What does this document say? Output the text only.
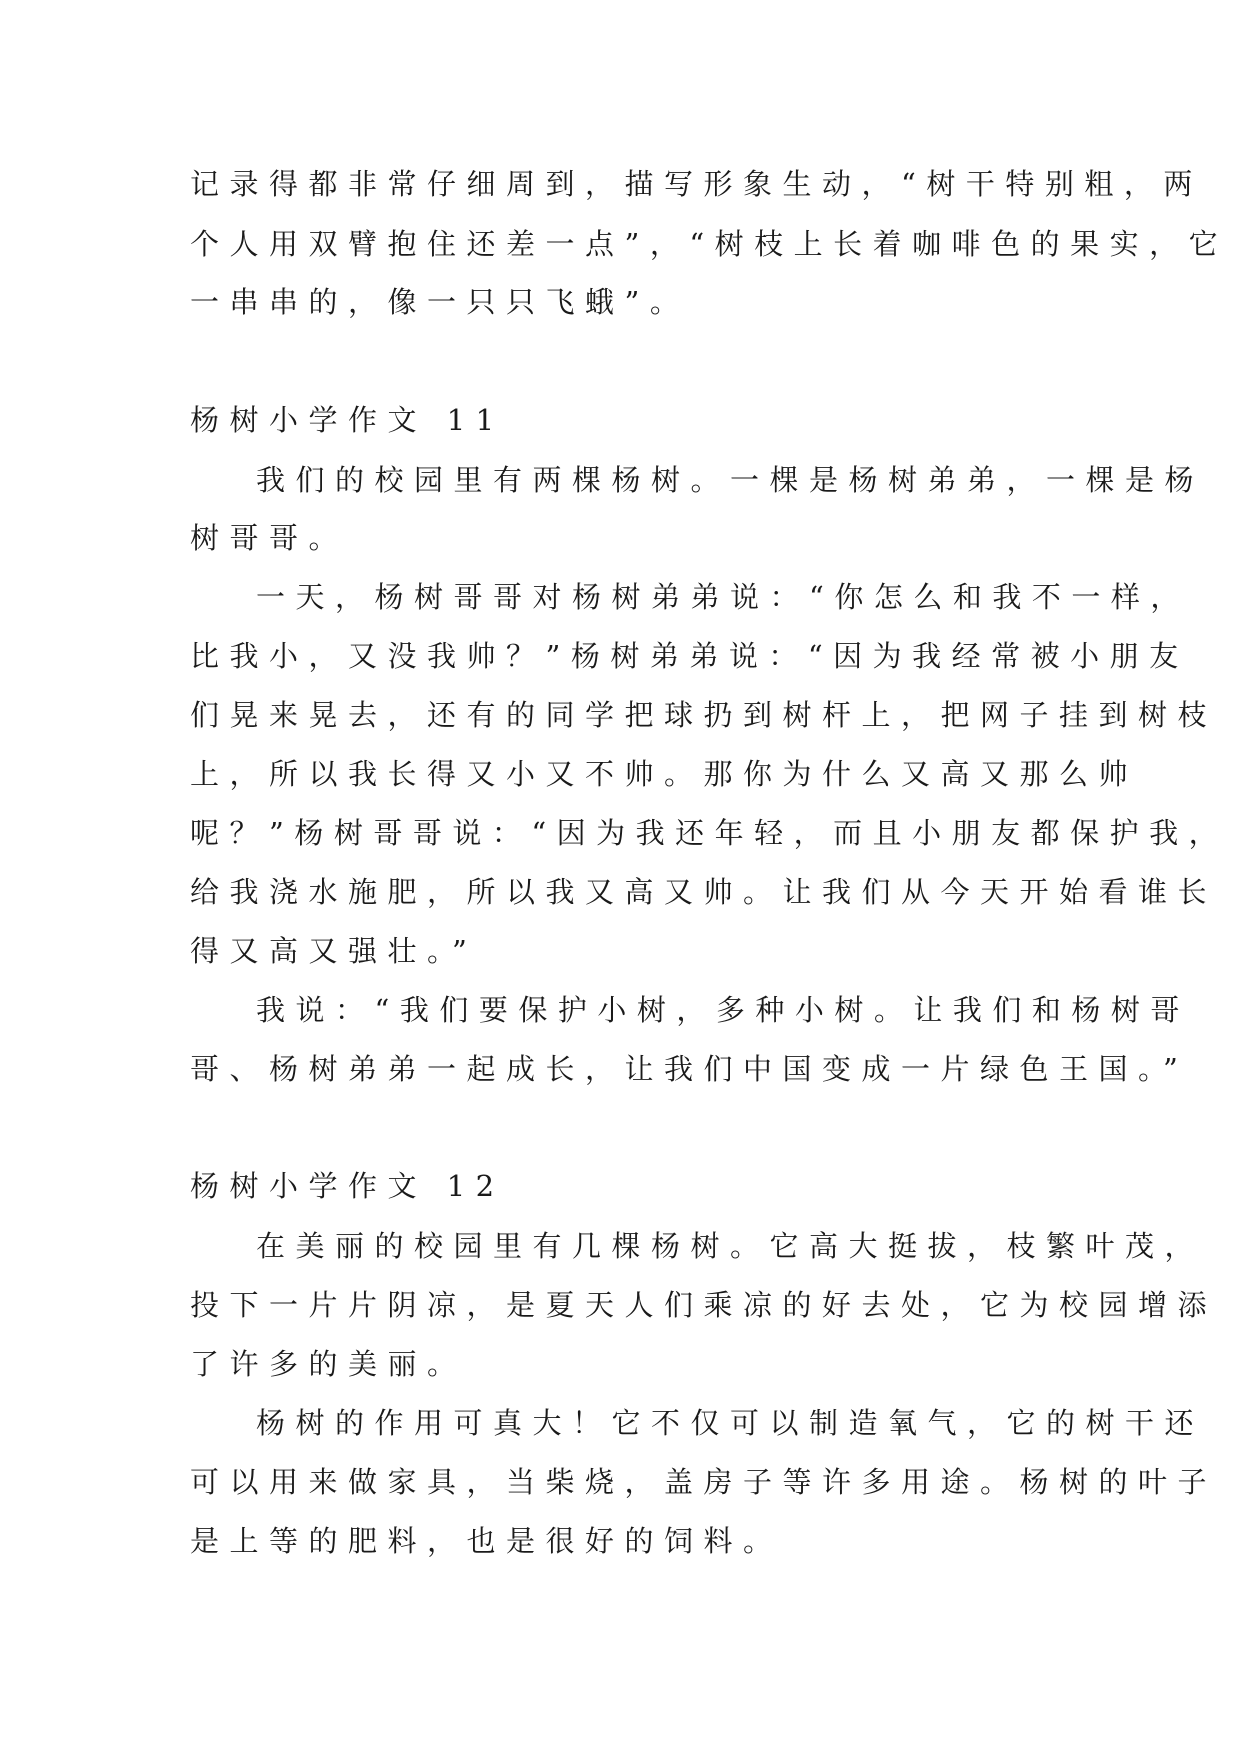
记录得都非常仔细周到，描写形象生动，“树干特别粗，两
个人用双臂抱住还差一点”，“树枝上长着咖啡色的果实，它
一串串的，像一只只飞蛾”。
杨树小学作文 11
我们的校园里有两棵杨树。一棵是杨树弟弟，一棵是杨
树哥哥。
一天，杨树哥哥对杨树弟弟说：“你怎么和我不一样，
比我小，又没我帅？”杨树弟弟说：“因为我经常被小朋友
们晃来晃去，还有的同学把球扔到树杆上，把网子挂到树枝
上，所以我长得又小又不帅。那你为什么又高又那么帅
呢？”杨树哥哥说：“因为我还年轻，而且小朋友都保护我，
给我浇水施肥，所以我又高又帅。让我们从今天开始看谁长
得又高又强壮。”
我说：“我们要保护小树，多种小树。让我们和杨树哥
哥、杨树弟弟一起成长，让我们中国变成一片绿色王国。”
杨树小学作文 12
在美丽的校园里有几棵杨树。它高大挺拔，枝繁叶茂，
投下一片片阴凉，是夏天人们乘凉的好去处，它为校园增添
了许多的美丽。
杨树的作用可真大！它不仅可以制造氧气，它的树干还
可以用来做家具，当柴烧，盖房子等许多用途。杨树的叶子
是上等的肥料，也是很好的饲料。
